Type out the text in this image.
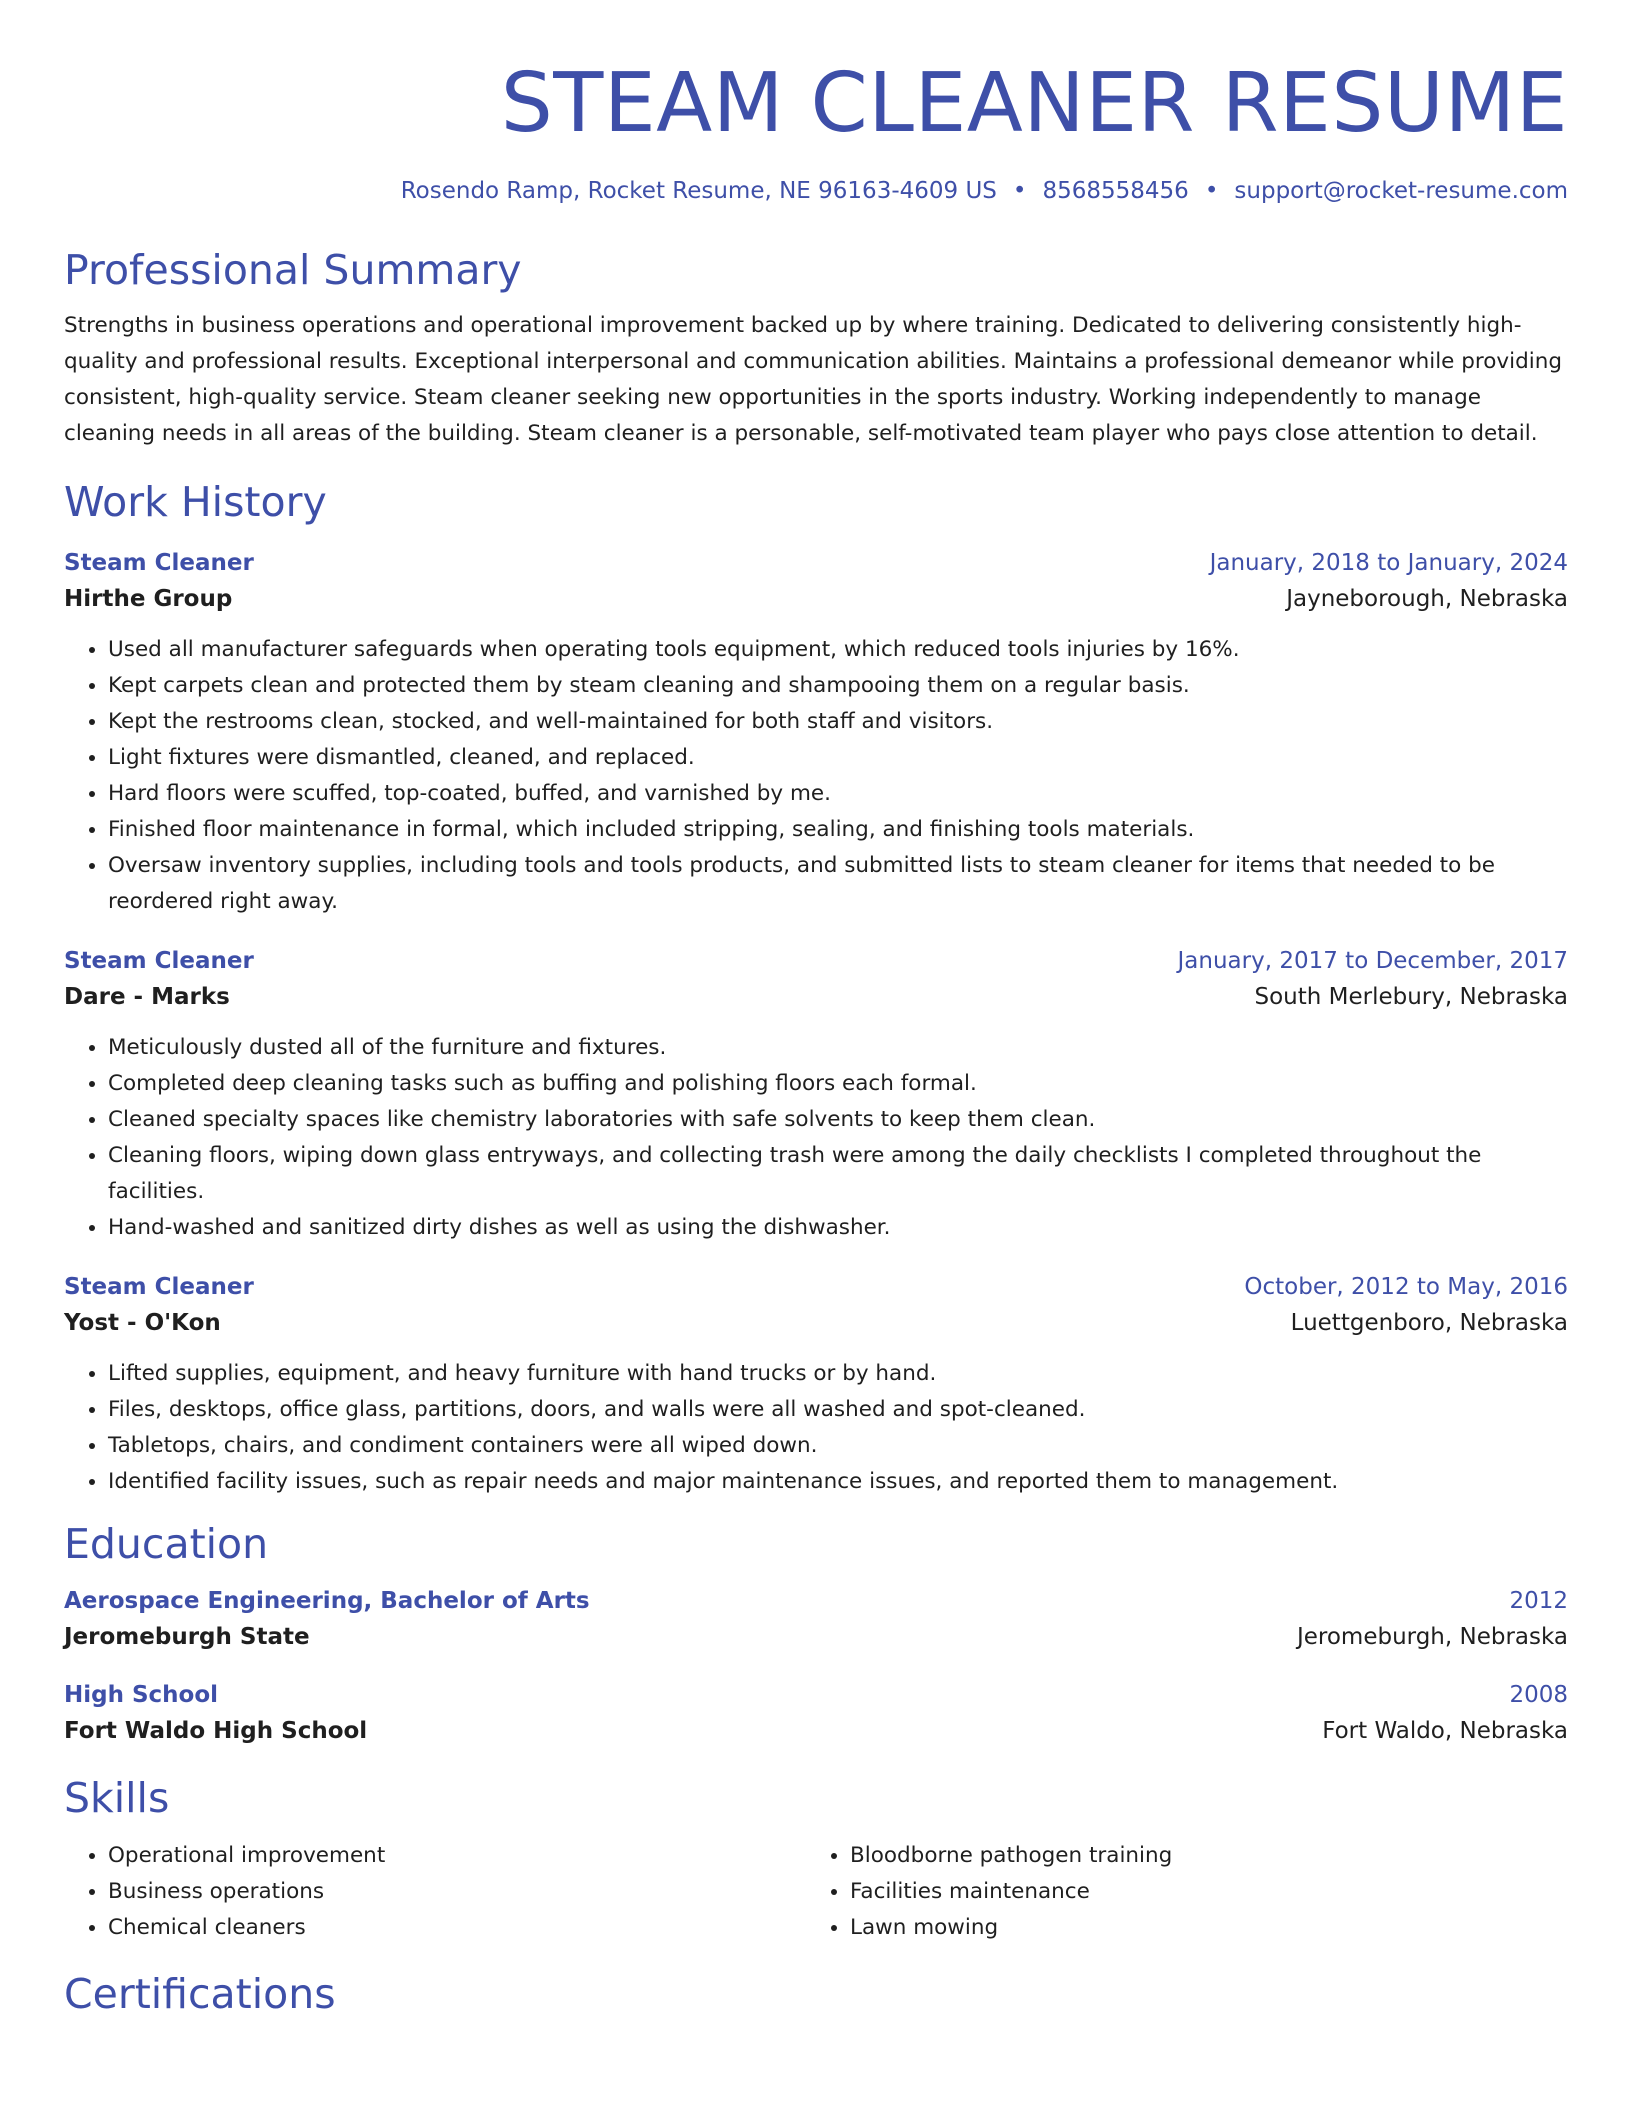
STEAM CLEANER RESUME
Rosendo Ramp, Rocket Resume, NE 96163-4609 US • 8568558456 • support@rocket-resume.com
Professional Summary
Strengths in business operations and operational improvement backed up by where training. Dedicated to delivering consistently high-quality and professional results. Exceptional interpersonal and communication abilities. Maintains a professional demeanor while providing consistent, high-quality service. Steam cleaner seeking new opportunities in the sports industry. Working independently to manage cleaning needs in all areas of the building. Steam cleaner is a personable, self-motivated team player who pays close attention to detail.
Work History
Steam Cleaner	January, 2018 to January, 2024
Hirthe Group	Jayneborough, Nebraska
• Used all manufacturer safeguards when operating tools equipment, which reduced tools injuries by 16%.
• Kept carpets clean and protected them by steam cleaning and shampooing them on a regular basis.
• Kept the restrooms clean, stocked, and well-maintained for both staff and visitors.
• Light fixtures were dismantled, cleaned, and replaced.
• Hard floors were scuffed, top-coated, buffed, and varnished by me.
• Finished floor maintenance in formal, which included stripping, sealing, and finishing tools materials.
• Oversaw inventory supplies, including tools and tools products, and submitted lists to steam cleaner for items that needed to be reordered right away.
Steam Cleaner	January, 2017 to December, 2017
Dare - Marks	South Merlebury, Nebraska
• Meticulously dusted all of the furniture and fixtures.
• Completed deep cleaning tasks such as buffing and polishing floors each formal.
• Cleaned specialty spaces like chemistry laboratories with safe solvents to keep them clean.
• Cleaning floors, wiping down glass entryways, and collecting trash were among the daily checklists I completed throughout the facilities.
• Hand-washed and sanitized dirty dishes as well as using the dishwasher.
Steam Cleaner	October, 2012 to May, 2016
Yost - O'Kon	Luettgenboro, Nebraska
• Lifted supplies, equipment, and heavy furniture with hand trucks or by hand.
• Files, desktops, office glass, partitions, doors, and walls were all washed and spot-cleaned.
• Tabletops, chairs, and condiment containers were all wiped down.
• Identified facility issues, such as repair needs and major maintenance issues, and reported them to management.
Education
Aerospace Engineering, Bachelor of Arts	2012
Jeromeburgh State	Jeromeburgh, Nebraska
High School	2008
Fort Waldo High School	Fort Waldo, Nebraska
Skills
• Operational improvement
• Business operations
• Chemical cleaners
• Bloodborne pathogen training
• Facilities maintenance
• Lawn mowing
Certifications
